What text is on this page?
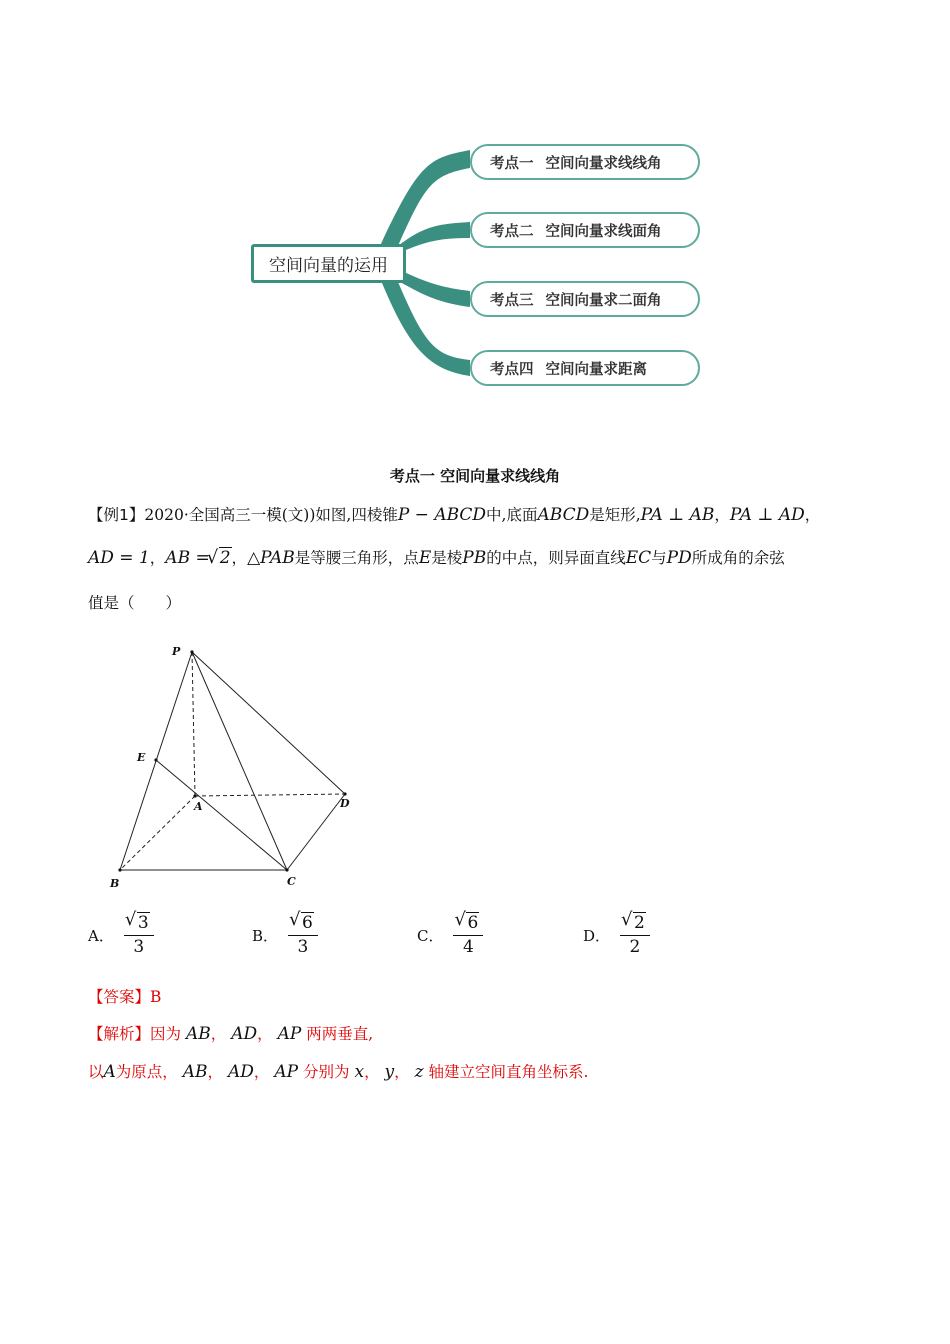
空间向量的运用
考点一 空间向量求线线角
考点二 空间向量求线面角
考点三 空间向量求二面角
考点四 空间向量求距离
考点一 空间向量求线线角
【例1】2020·全国高三一模(文))如图,四棱锥P − ABCD中,底面ABCD是矩形,PA ⊥ AB，PA ⊥ AD，
AD = 1，AB = √ 2，△PAB是等腰三角形，点E是棱PB的中点，则异面直线EC与PD所成角的余弦
值是（　　）
P
E
A	D
B	C
A． √ $\frac{3}{3}$	B． √ $\frac{6}{3}$	C． √ $\frac{6}{4}$	D． √ $\frac{2}{2}$
【答案】B
【解析】因为 AB， AD， AP 两两垂直,
以A为原点， AB， AD， AP 分别为 x， y， z 轴建立空间直角坐标系.
